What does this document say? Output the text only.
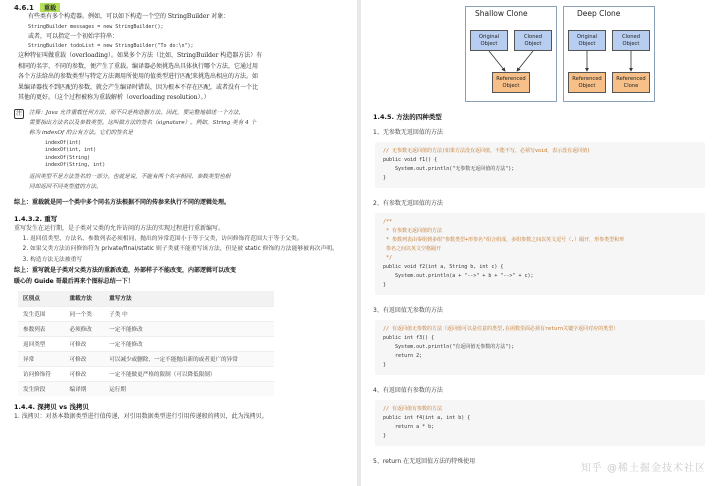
4.6.1	重载
有些类有多个构造器。例如，可以如下构造一个空的 StringBuilder 对象：
StringBuilder messages = new StringBuilder();
或者，可以指定一个初始字符串：
StringBuilder todoList = new StringBuilder("To do:\n");
这种特征叫做重载（overloading）。如果多个方法（比如，StringBuilder 构造器方法）有
相同的名字、不同的参数，便产生了重载。编译器必须挑选出具体执行哪个方法，它通过用
各个方法给出的参数类型与特定方法调用所使用的值类型进行匹配来挑选出相应的方法。如
果编译器找不到匹配的参数，就会产生编译时错误，因为根本不存在匹配，或者没有一个比
其他的更好。（这个过程被称为重载解析（overloading resolution）。）
注	注释：Java 允许重载任何方法，而不只是构造器方法。因此，要完整地描述一个方法，
需要指出方法名以及参数类型。这叫做方法的签名（signature）。例如，String 类有 4 个
称为 indexOf 的公有方法。它们的签名是
indexOf(int)
indexOf(int, int)
indexOf(String)
indexOf(String, int)
返回类型不是方法签名的一部分。也就是说，不能有两个名字相同、参数类型也相
同却返回不同类型值的方法。
综上：重载就是同一个类中多个同名方法根据不同的传参来执行不同的逻辑处理。
1.4.3.2. 重写
重写发生在运行期，是子类对父类的允许访问的方法的实现过程进行重新编写。
1. 返回值类型、方法名、参数列表必须相同，抛出的异常范围小于等于父类，访问修饰符范围大于等于父类。
2. 如果父类方法访问修饰符为 private/final/static 则子类就不能重写该方法，但是被 static 修饰的方法能够被再次声明。
3. 构造方法无法被重写
综上：重写就是子类对父类方法的重新改造，外部样子不能改变，内部逻辑可以改变
暖心的 Guide 哥最后再来个图标总结一下！
区别点	重载方法	重写方法
发生范围	同一个类	子类 中
参数列表	必须修改	一定不能修改
返回类型	可修改	一定不能修改
异常	可修改	可以减少或删除，一定不能抛出新的或者更广的异常
访问修饰符	可修改	一定不能做更严格的限制（可以降低限制）
发生阶段	编译期	运行期
1.4.4. 深拷贝 vs 浅拷贝
1. 浅拷贝：对基本数据类型进行值传递，对引用数据类型进行引用传递般的拷贝，此为浅拷贝。
Shallow Clone	Deep Clone
Original Object
Cloned Object
Referenced Object
Original Object
Cloned Object
Referenced Object
Referenced Clone
1.4.5. 方法的四种类型
1、无参数无返回值的方法
// 无参数无返回值的方法(如果方法没有返回值，不能不写，必须写void，表示没有返回值)
public void f1() {
System.out.println("无参数无返回值的方法");
}
2、有参数无返回值的方法
/**
* 有参数无返回值的方法
* 参数列表由零组到多组"参数类型+形参名"组合组成，多组参数之间以英文逗号（,）隔开，形参类型和形
参名之间以英文空格隔开
*/
public void f2(int a, String b, int c) {
System.out.println(a + "-->" + b + "-->" + c);
}
3、有返回值无参数的方法
// 有返回值无参数的方法（返回值可以是任意的类型,在函数里面必须有return关键字返回对应的类型）
public int f3() {
System.out.println("有返回值无参数的方法");
return 2;
}
4、有返回值有参数的方法
// 有返回值有参数的方法
public int f4(int a, int b) {
return a * b;
}
5、return 在无返回值方法的特殊使用
知乎 @稀土掘金技术社区
